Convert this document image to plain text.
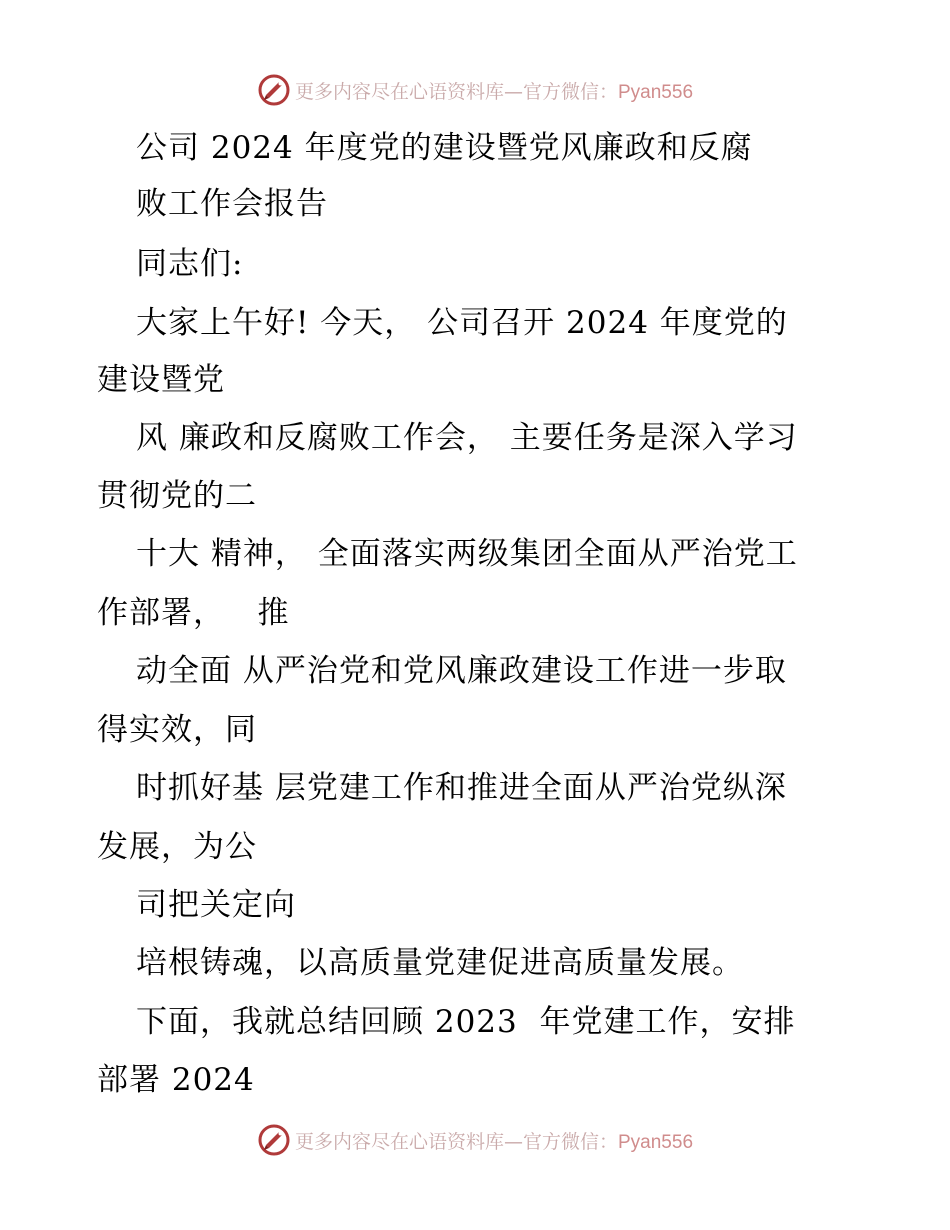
更多内容尽在心语资料库—官方微信：Pyan556
公司 2024 年度党的建设暨党风廉政和反腐
败工作会报告
同志们:
大家上午好! 今天， 公司召开 2024 年度党的
建设暨党
风 廉政和反腐败工作会， 主要任务是深入学习
贯彻党的二
十大 精神， 全面落实两级集团全面从严治党工
作部署，   推
动全面 从严治党和党风廉政建设工作进一步取
得实效，同
时抓好基 层党建工作和推进全面从严治党纵深
发展，为公
司把关定向
培根铸魂，以高质量党建促进高质量发展。
下面，我就总结回顾 2023  年党建工作，安排
部署 2024
更多内容尽在心语资料库—官方微信：Pyan556
